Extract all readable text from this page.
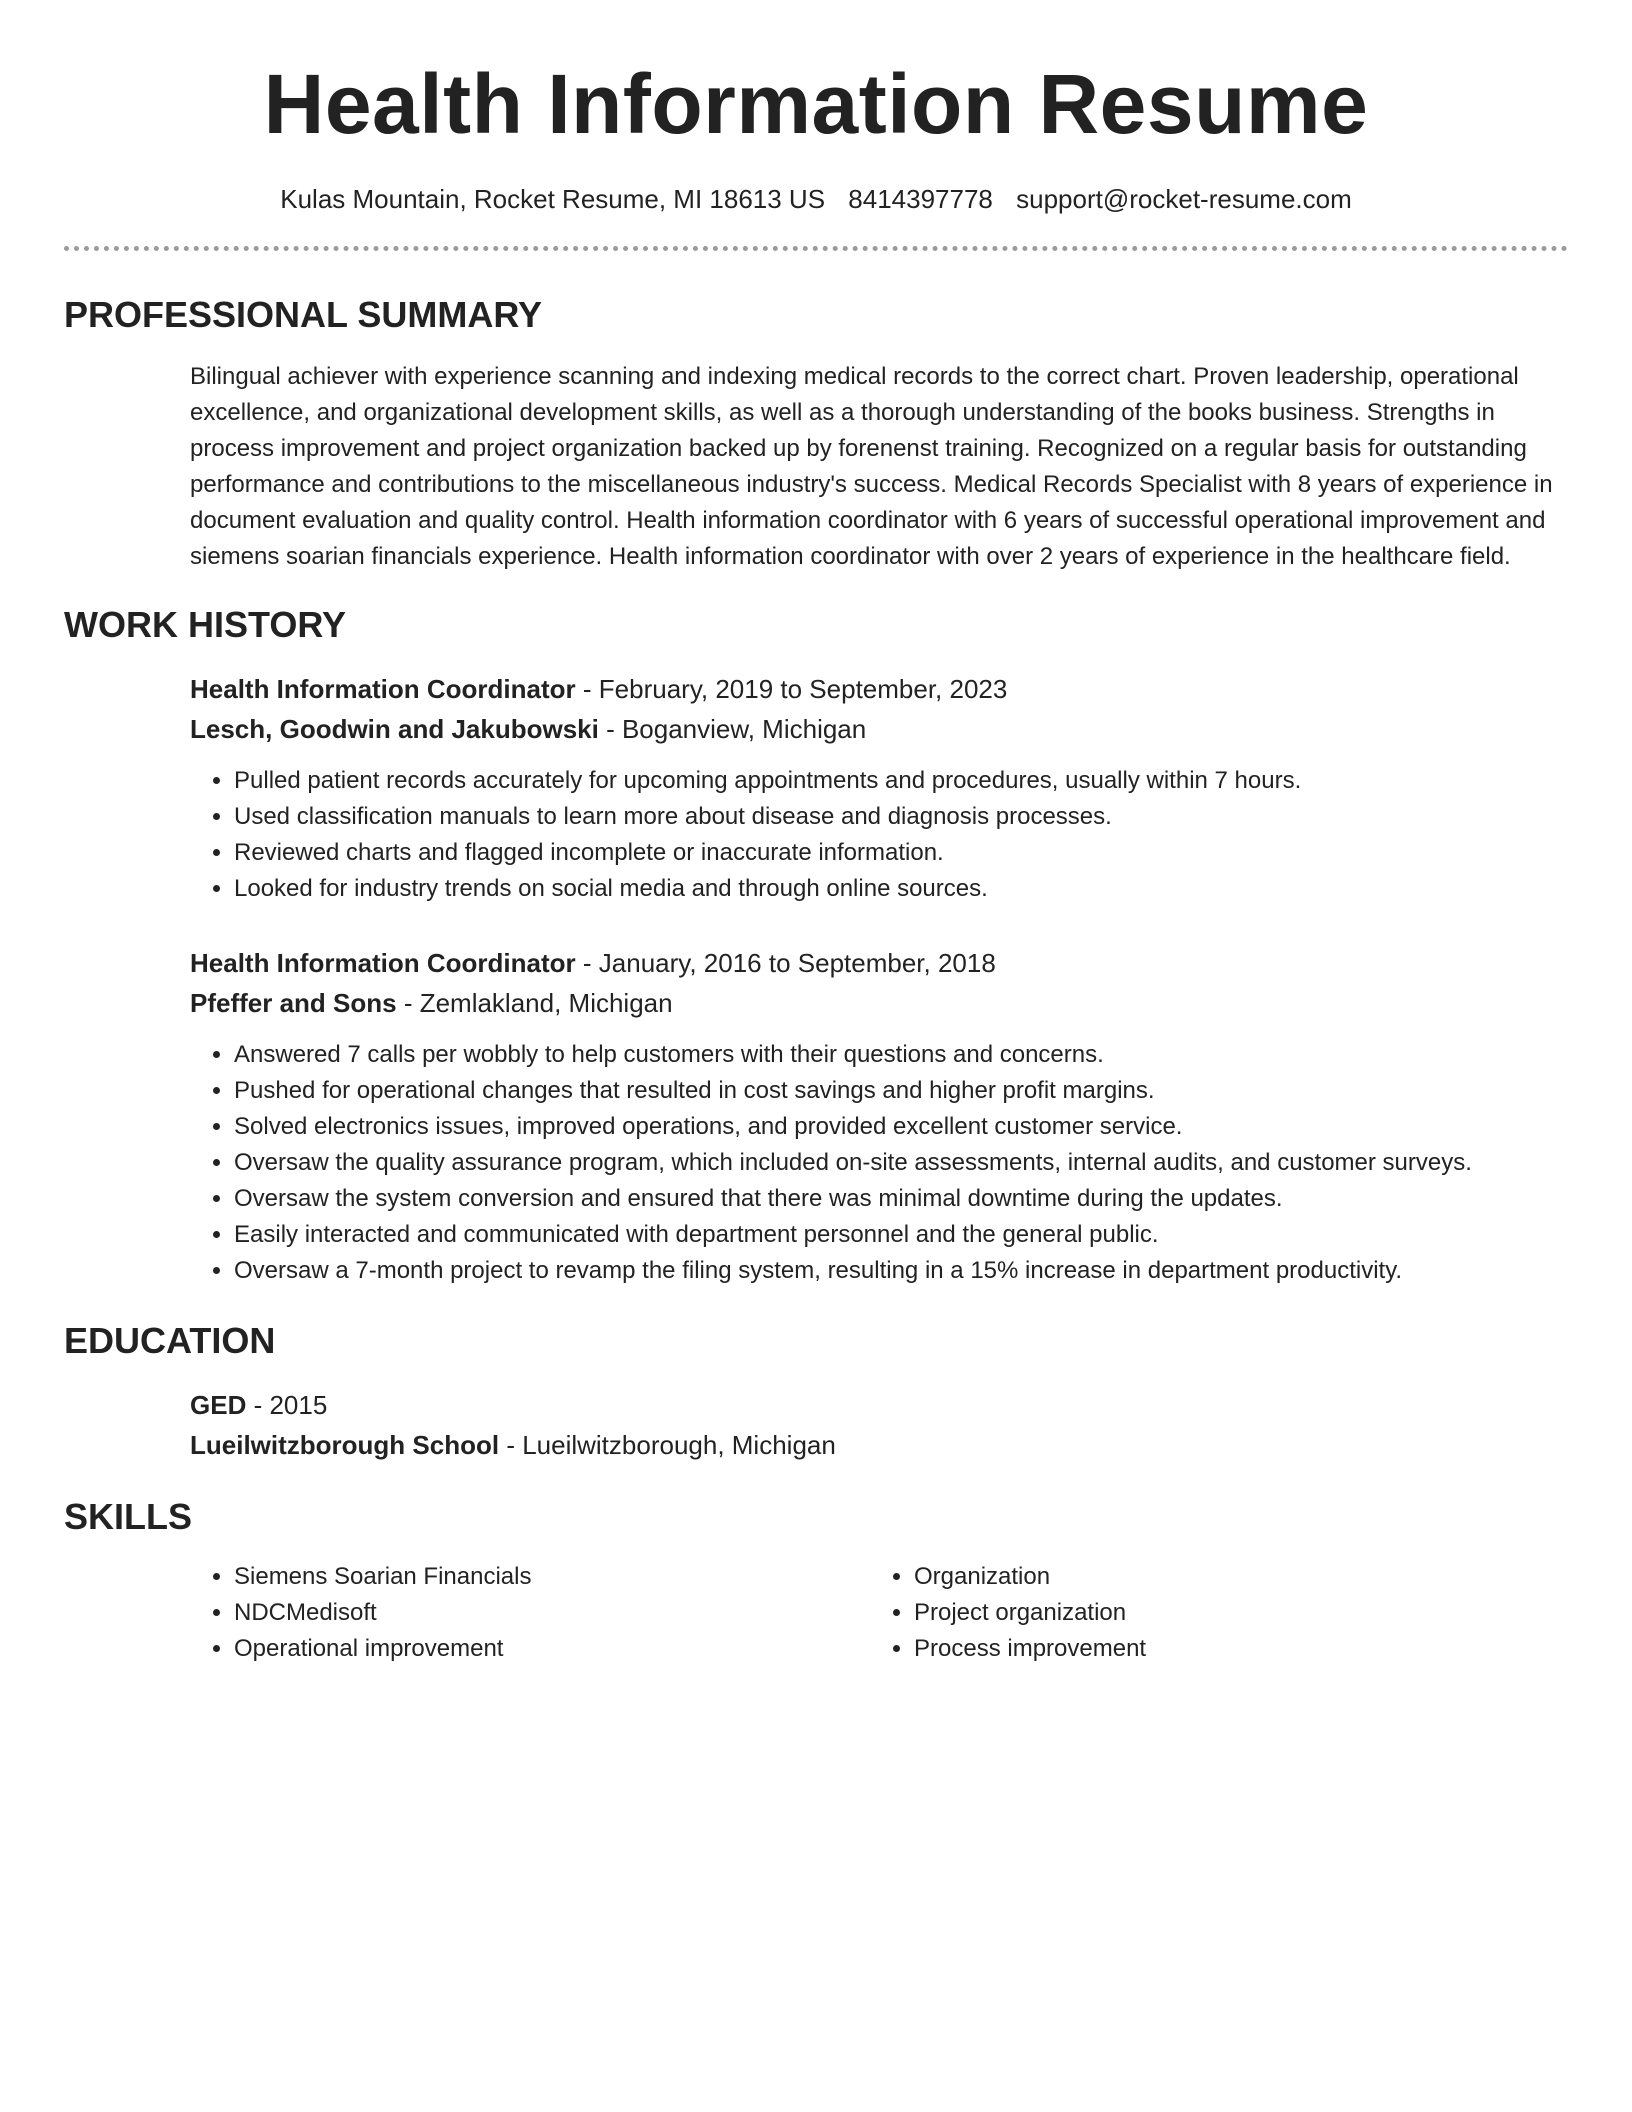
Health Information Resume
Kulas Mountain, Rocket Resume, MI 18613 US 8414397778 support@rocket-resume.com
PROFESSIONAL SUMMARY

Bilingual achiever with experience scanning and indexing medical records to the correct chart. Proven leadership, operational excellence, and organizational development skills, as well as a thorough understanding of the books business. Strengths in process improvement and project organization backed up by forenenst training. Recognized on a regular basis for outstanding performance and contributions to the miscellaneous industry's success. Medical Records Specialist with 8 years of experience in document evaluation and quality control. Health information coordinator with 6 years of successful operational improvement and siemens soarian financials experience. Health information coordinator with over 2 years of experience in the healthcare field.

WORK HISTORY
Health Information Coordinator - February, 2019 to September, 2023
Lesch, Goodwin and Jakubowski - Boganview, Michigan
• Pulled patient records accurately for upcoming appointments and procedures, usually within 7 hours.
• Used classification manuals to learn more about disease and diagnosis processes.
• Reviewed charts and flagged incomplete or inaccurate information.
• Looked for industry trends on social media and through online sources.
Health Information Coordinator - January, 2016 to September, 2018
Pfeffer and Sons - Zemlakland, Michigan
• Answered 7 calls per wobbly to help customers with their questions and concerns.
• Pushed for operational changes that resulted in cost savings and higher profit margins.
• Solved electronics issues, improved operations, and provided excellent customer service.
• Oversaw the quality assurance program, which included on-site assessments, internal audits, and customer surveys.
• Oversaw the system conversion and ensured that there was minimal downtime during the updates.
• Easily interacted and communicated with department personnel and the general public.
• Oversaw a 7-month project to revamp the filing system, resulting in a 15% increase in department productivity.
EDUCATION
GED - 2015
Lueilwitzborough School - Lueilwitzborough, Michigan
SKILLS
• Siemens Soarian Financials
• NDCMedisoft
• Operational improvement
• Organization
• Project organization
• Process improvement
